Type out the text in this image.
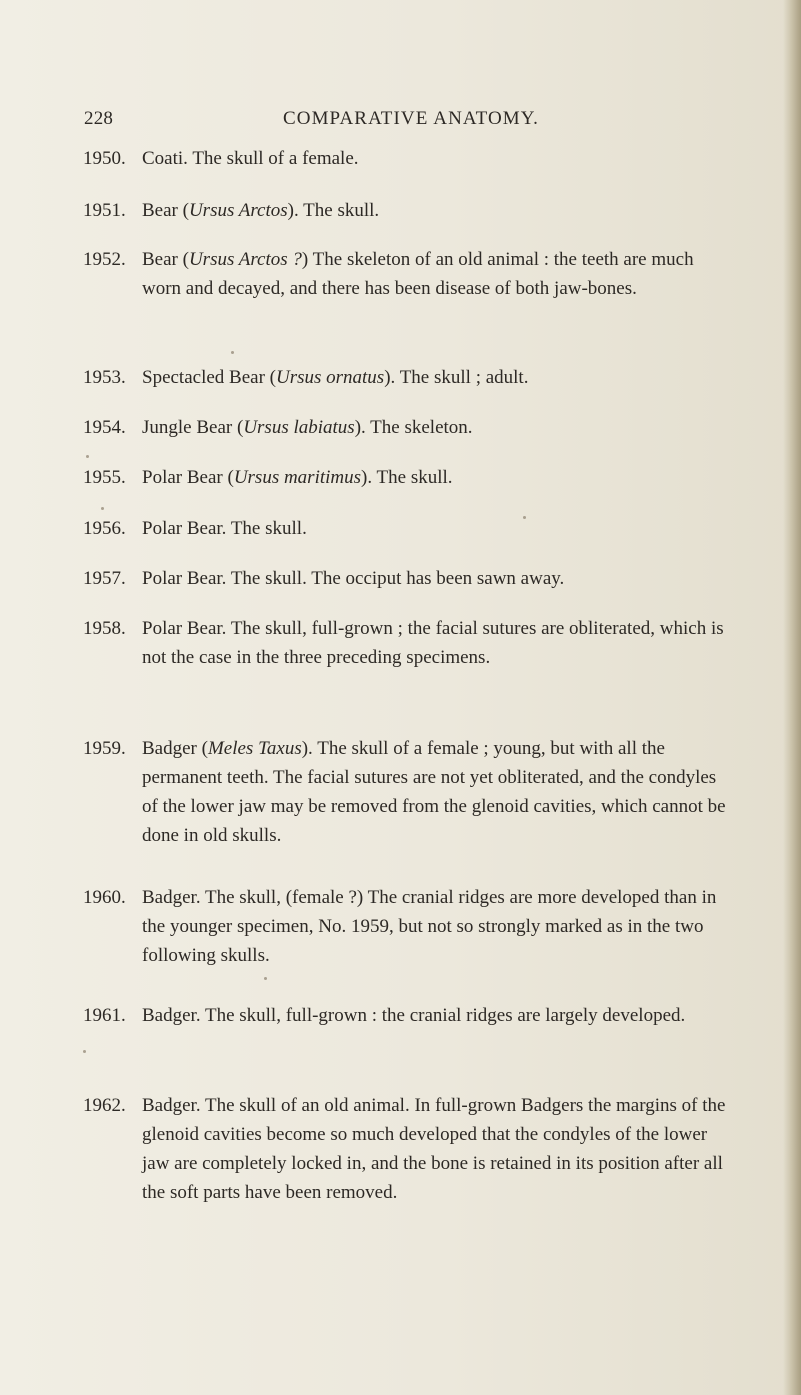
228	COMPARATIVE ANATOMY.
1950. Coati. The skull of a female.
1951. Bear (Ursus Arctos). The skull.
1952. Bear (Ursus Arctos ?) The skeleton of an old animal : the teeth are much worn and decayed, and there has been disease of both jaw-bones.
1953. Spectacled Bear (Ursus ornatus). The skull ; adult.
1954. Jungle Bear (Ursus labiatus). The skeleton.
1955. Polar Bear (Ursus maritimus). The skull.
1956. Polar Bear. The skull.
1957. Polar Bear. The skull. The occiput has been sawn away.
1958. Polar Bear. The skull, full-grown ; the facial sutures are obliterated, which is not the case in the three preceding specimens.
1959. Badger (Meles Taxus). The skull of a female ; young, but with all the permanent teeth. The facial sutures are not yet obliterated, and the condyles of the lower jaw may be removed from the glenoid cavities, which cannot be done in old skulls.
1960. Badger. The skull, (female ?) The cranial ridges are more developed than in the younger specimen, No. 1959, but not so strongly marked as in the two following skulls.
1961. Badger. The skull, full-grown : the cranial ridges are largely developed.
1962. Badger. The skull of an old animal. In full-grown Badgers the margins of the glenoid cavities become so much developed that the condyles of the lower jaw are completely locked in, and the bone is retained in its position after all the soft parts have been removed.
